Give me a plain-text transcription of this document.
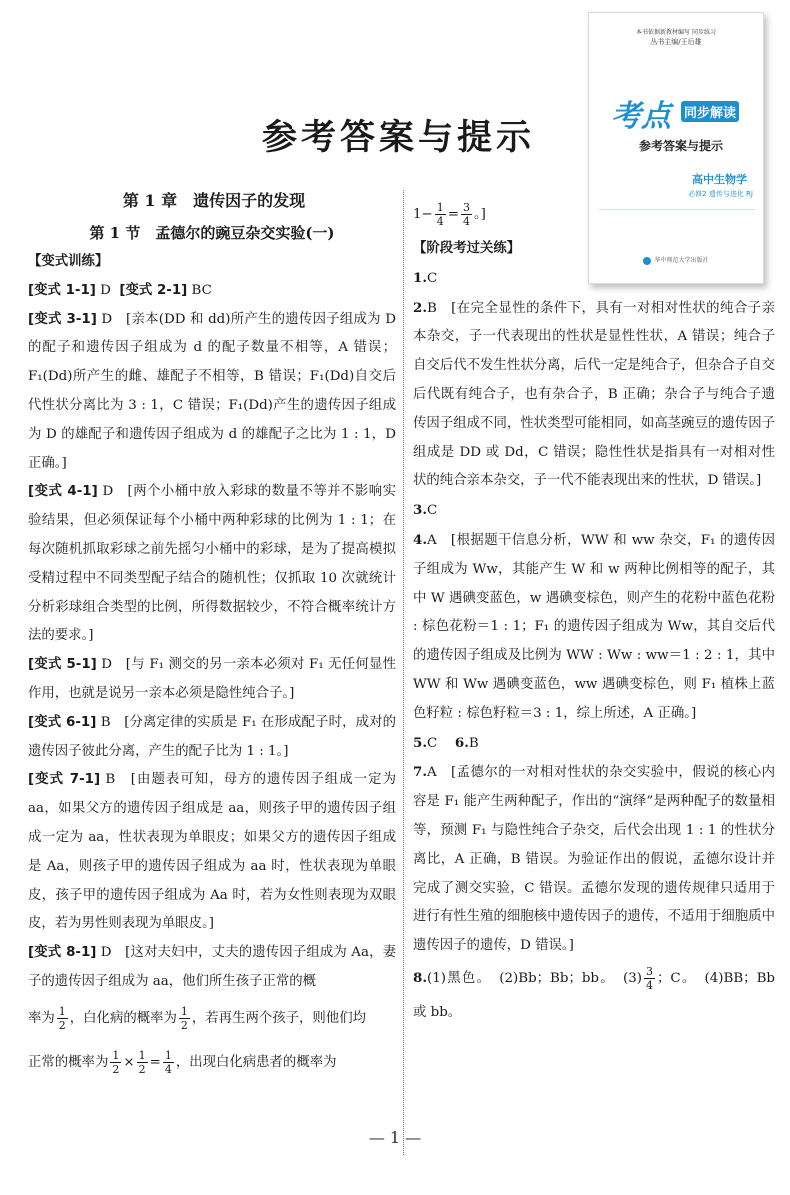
参考答案与提示
本书依据新教材编写 同步练习
丛书主编/王后雄
考点 同步解读
参考答案与提示
高中生物学
必修2 遗传与进化 RJ
华中师范大学出版社
第 1 章　遗传因子的发现
第 1 节　孟德尔的豌豆杂交实验(一)
【变式训练】

[变式 1-1] D [变式 2-1] BC

[变式 3-1] D　[亲本(DD 和 dd)所产生的遗传因子组成为 D 的配子和遗传因子组成为 d 的配子数量不相等，A 错误；F₁(Dd)所产生的雌、雄配子不相等，B 错误；F₁(Dd)自交后代性状分离比为 3 : 1，C 错误；F₁(Dd)产生的遗传因子组成为 D 的雄配子和遗传因子组成为 d 的雄配子之比为 1 : 1，D 正确。]

[变式 4-1] D　[两个小桶中放入彩球的数量不等并不影响实验结果，但必须保证每个小桶中两种彩球的比例为 1 : 1；在每次随机抓取彩球之前先摇匀小桶中的彩球，是为了提高模拟受精过程中不同类型配子结合的随机性；仅抓取 10 次就统计分析彩球组合类型的比例，所得数据较少，不符合概率统计方法的要求。]

[变式 5-1] D　[与 F₁ 测交的另一亲本必须对 F₁ 无任何显性作用，也就是说另一亲本必须是隐性纯合子。]

[变式 6-1] B　[分离定律的实质是 F₁ 在形成配子时，成对的遗传因子彼此分离，产生的配子比为 1 : 1。]

[变式 7-1] B　[由题表可知，母方的遗传因子组成一定为 aa，如果父方的遗传因子组成是 aa，则孩子甲的遗传因子组成一定为 aa，性状表现为单眼皮；如果父方的遗传因子组成是 Aa，则孩子甲的遗传因子组成为 aa 时，性状表现为单眼皮，孩子甲的遗传因子组成为 Aa 时，若为女性则表现为双眼皮，若为男性则表现为单眼皮。]

[变式 8-1] D　[这对夫妇中，丈夫的遗传因子组成为 Aa，妻子的遗传因子组成为 aa，他们所生孩子正常的概

率为 $\frac{1}{2}$ ，白化病的概率为 $\frac{1}{2}$ ，若再生两个孩子，则他们均

正常的概率为 $\frac{1}{2} \times \frac{1}{2} = \frac{1}{4}$ ，出现白化病患者的概率为

$1- \frac{1}{4} = \frac{3}{4}$ 。]

【阶段考过关练】

1.C

2.B　[在完全显性的条件下，具有一对相对性状的纯合子亲本杂交，子一代表现出的性状是显性性状，A 错误；纯合子自交后代不发生性状分离，后代一定是纯合子，但杂合子自交后代既有纯合子，也有杂合子，B 正确；杂合子与纯合子遗传因子组成不同，性状类型可能相同，如高茎豌豆的遗传因子组成是 DD 或 Dd，C 错误；隐性性状是指具有一对相对性状的纯合亲本杂交，子一代不能表现出来的性状，D 错误。]

3.C

4.A　[根据题干信息分析，WW 和 ww 杂交，F₁ 的遗传因子组成为 Ww，其能产生 W 和 w 两种比例相等的配子，其中 W 遇碘变蓝色，w 遇碘变棕色，则产生的花粉中蓝色花粉 : 棕色花粉＝1 : 1；F₁ 的遗传因子组成为 Ww，其自交后代的遗传因子组成及比例为 WW : Ww : ww＝1 : 2 : 1，其中 WW 和 Ww 遇碘变蓝色，ww 遇碘变棕色，则 F₁ 植株上蓝色籽粒 : 棕色籽粒＝3 : 1，综上所述，A 正确。]

5.C　 6.B

7.A　[孟德尔的一对相对性状的杂交实验中，假说的核心内容是 F₁ 能产生两种配子，作出的“演绎”是两种配子的数量相等，预测 F₁ 与隐性纯合子杂交，后代会出现 1 : 1 的性状分离比，A 正确，B 错误。为验证作出的假说，孟德尔设计并完成了测交实验，C 错误。孟德尔发现的遗传规律只适用于进行有性生殖的细胞核中遗传因子的遗传，不适用于细胞质中遗传因子的遗传，D 错误。]

8.(1)黑色。　(2)Bb；Bb；bb。　$(3) \frac{3}{4}$ ；C。　(4)BB；Bb 或 bb。

— 1 —
